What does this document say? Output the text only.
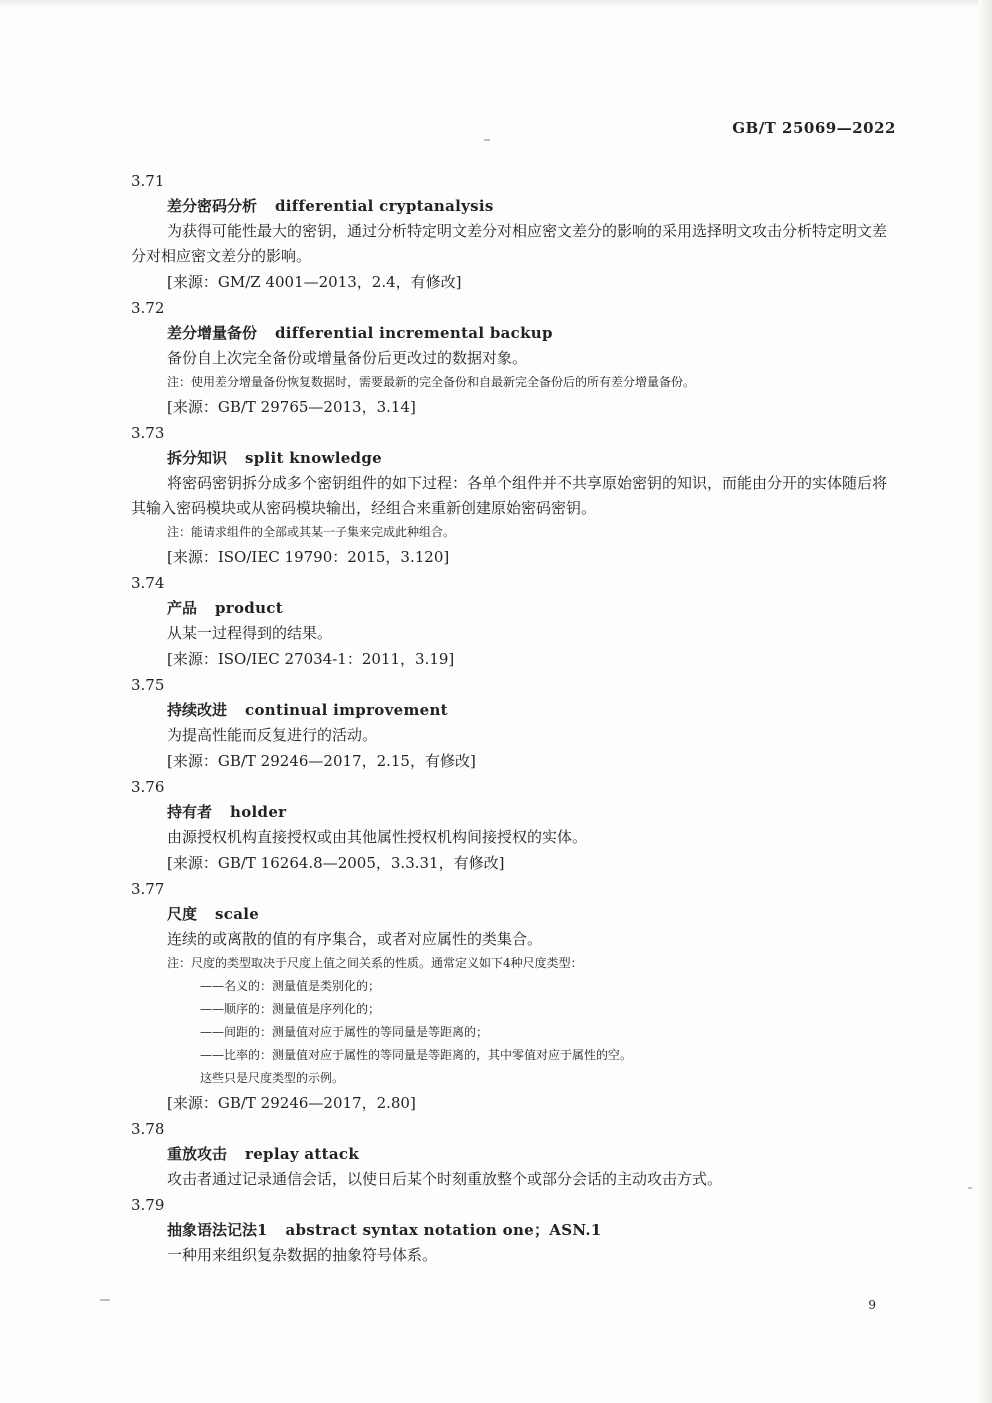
GB/T 25069—2022
3.71
差分密码分析 differential cryptanalysis
为获得可能性最大的密钥，通过分析特定明文差分对相应密文差分的影响的采用选择明文攻击分析特定明文差分对相应密文差分的影响。
[来源：GM/Z 4001—2013，2.4，有修改]
3.72
差分增量备份 differential incremental backup
备份自上次完全备份或增量备份后更改过的数据对象。
注：使用差分增量备份恢复数据时，需要最新的完全备份和自最新完全备份后的所有差分增量备份。
[来源：GB/T 29765—2013，3.14]
3.73
拆分知识 split knowledge
将密码密钥拆分成多个密钥组件的如下过程：各单个组件并不共享原始密钥的知识，而能由分开的实体随后将其输入密码模块或从密码模块输出，经组合来重新创建原始密码密钥。
注：能请求组件的全部或其某一子集来完成此种组合。
[来源：ISO/IEC 19790：2015，3.120]
3.74
产品 product
从某一过程得到的结果。
[来源：ISO/IEC 27034-1：2011，3.19]
3.75
持续改进 continual improvement
为提高性能而反复进行的活动。
[来源：GB/T 29246—2017，2.15，有修改]
3.76
持有者 holder
由源授权机构直接授权或由其他属性授权机构间接授权的实体。
[来源：GB/T 16264.8—2005，3.3.31，有修改]
3.77
尺度 scale
连续的或离散的值的有序集合，或者对应属性的类集合。
注：尺度的类型取决于尺度上值之间关系的性质。通常定义如下4种尺度类型：
——名义的：测量值是类别化的；
——顺序的：测量值是序列化的；
——间距的：测量值对应于属性的等同量是等距离的；
——比率的：测量值对应于属性的等同量是等距离的，其中零值对应于属性的空。
这些只是尺度类型的示例。
[来源：GB/T 29246—2017，2.80]
3.78
重放攻击 replay attack
攻击者通过记录通信会话，以使日后某个时刻重放整个或部分会话的主动攻击方式。
3.79
抽象语法记法1 abstract syntax notation one；ASN.1
一种用来组织复杂数据的抽象符号体系。
9
